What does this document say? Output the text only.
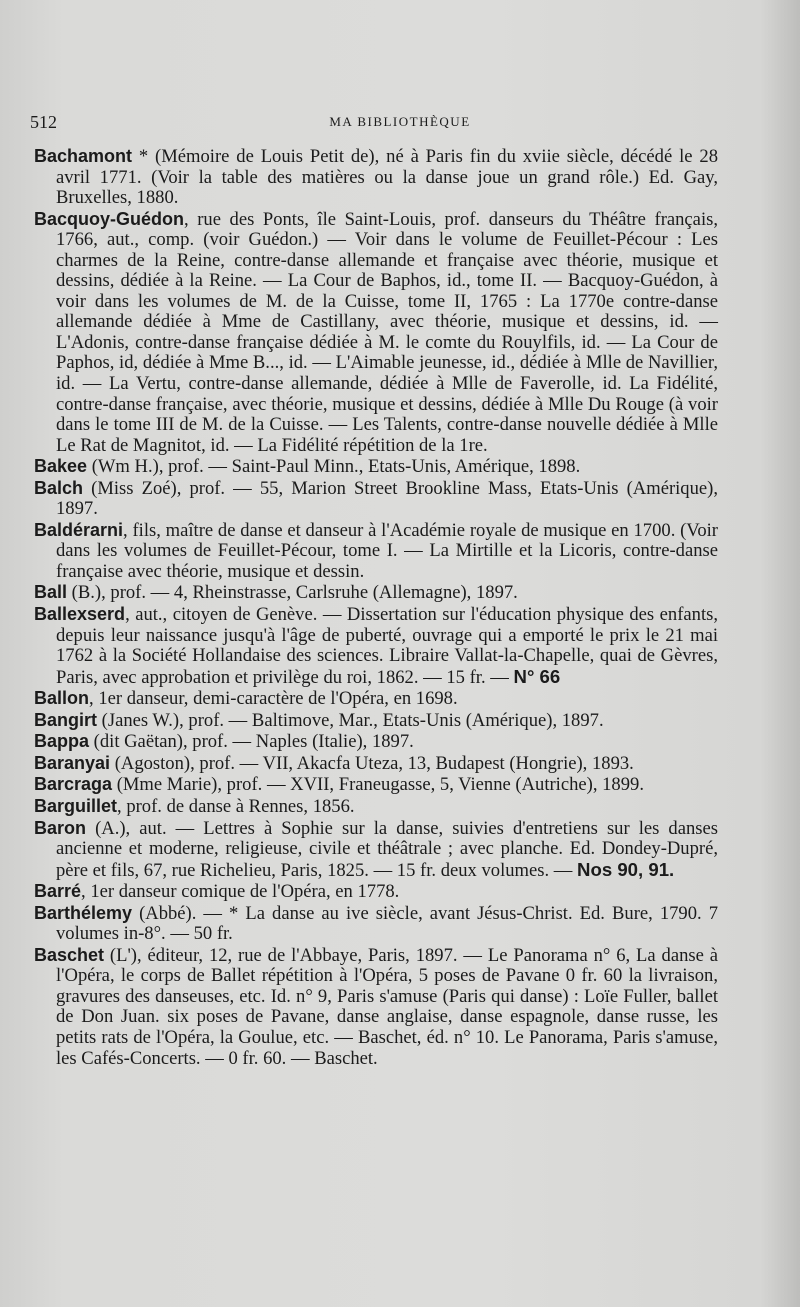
512	MA BIBLIOTHÈQUE

Bachamont * (Mémoire de Louis Petit de), né à Paris fin du xviie siècle, décédé le 28 avril 1771. (Voir la table des matières ou la danse joue un grand rôle.) Ed. Gay, Bruxelles, 1880.

Bacquoy-Guédon, rue des Ponts, île Saint-Louis, prof. danseurs du Théâtre français, 1766, aut., comp. (voir Guédon.) — Voir dans le volume de Feuillet-Pécour : Les charmes de la Reine, contre-danse allemande et française avec théorie, musique et dessins, dédiée à la Reine. — La Cour de Baphos, id., tome II. — Bacquoy-Guédon, à voir dans les volumes de M. de la Cuisse, tome II, 1765 : La 1770e contre-danse allemande dédiée à Mme de Castillany, avec théorie, musique et dessins, id. — L'Adonis, contre-danse française dédiée à M. le comte du Rouylfils, id. — La Cour de Paphos, id, dédiée à Mme B..., id. — L'Aimable jeunesse, id., dédiée à Mlle de Navillier, id. — La Vertu, contre-danse allemande, dédiée à Mlle de Faverolle, id. La Fidélité, contre-danse française, avec théorie, musique et dessins, dédiée à Mlle Du Rouge (à voir dans le tome III de M. de la Cuisse. — Les Talents, contre-danse nouvelle dédiée à Mlle Le Rat de Magnitot, id. — La Fidélité répétition de la 1re.

Bakee (Wm H.), prof. — Saint-Paul Minn., Etats-Unis, Amérique, 1898.

Balch (Miss Zoé), prof. — 55, Marion Street Brookline Mass, Etats-Unis (Amérique), 1897.

Baldérarni, fils, maître de danse et danseur à l'Académie royale de musique en 1700. (Voir dans les volumes de Feuillet-Pécour, tome I. — La Mirtille et la Licoris, contre-danse française avec théorie, musique et dessin.

Ball (B.), prof. — 4, Rheinstrasse, Carlsruhe (Allemagne), 1897.

Ballexserd, aut., citoyen de Genève. — Dissertation sur l'éducation physique des enfants, depuis leur naissance jusqu'à l'âge de puberté, ouvrage qui a emporté le prix le 21 mai 1762 à la Société Hollandaise des sciences. Libraire Vallat-la-Chapelle, quai de Gèvres, Paris, avec approbation et privilège du roi, 1862. — 15 fr. — N° 66

Ballon, 1er danseur, demi-caractère de l'Opéra, en 1698.

Bangirt (Janes W.), prof. — Baltimove, Mar., Etats-Unis (Amérique), 1897.

Bappa (dit Gaëtan), prof. — Naples (Italie), 1897.

Baranyai (Agoston), prof. — VII, Akacfa Uteza, 13, Budapest (Hongrie), 1893.

Barcraga (Mme Marie), prof. — XVII, Franeugasse, 5, Vienne (Autriche), 1899.

Barguillet, prof. de danse à Rennes, 1856.

Baron (A.), aut. — Lettres à Sophie sur la danse, suivies d'entretiens sur les danses ancienne et moderne, religieuse, civile et théâtrale ; avec planche. Ed. Dondey-Dupré, père et fils, 67, rue Richelieu, Paris, 1825. — 15 fr. deux volumes. — Nos 90, 91.

Barré, 1er danseur comique de l'Opéra, en 1778.

Barthélemy (Abbé). — * La danse au ive siècle, avant Jésus-Christ. Ed. Bure, 1790. 7 volumes in-8°. — 50 fr.

Baschet (L'), éditeur, 12, rue de l'Abbaye, Paris, 1897. — Le Panorama n° 6, La danse à l'Opéra, le corps de Ballet répétition à l'Opéra, 5 poses de Pavane 0 fr. 60 la livraison, gravures des danseuses, etc. Id. n° 9, Paris s'amuse (Paris qui danse) : Loïe Fuller, ballet de Don Juan. six poses de Pavane, danse anglaise, danse espagnole, danse russe, les petits rats de l'Opéra, la Goulue, etc. — Baschet, éd. n° 10. Le Panorama, Paris s'amuse, les Cafés-Concerts. — 0 fr. 60. — Baschet.
